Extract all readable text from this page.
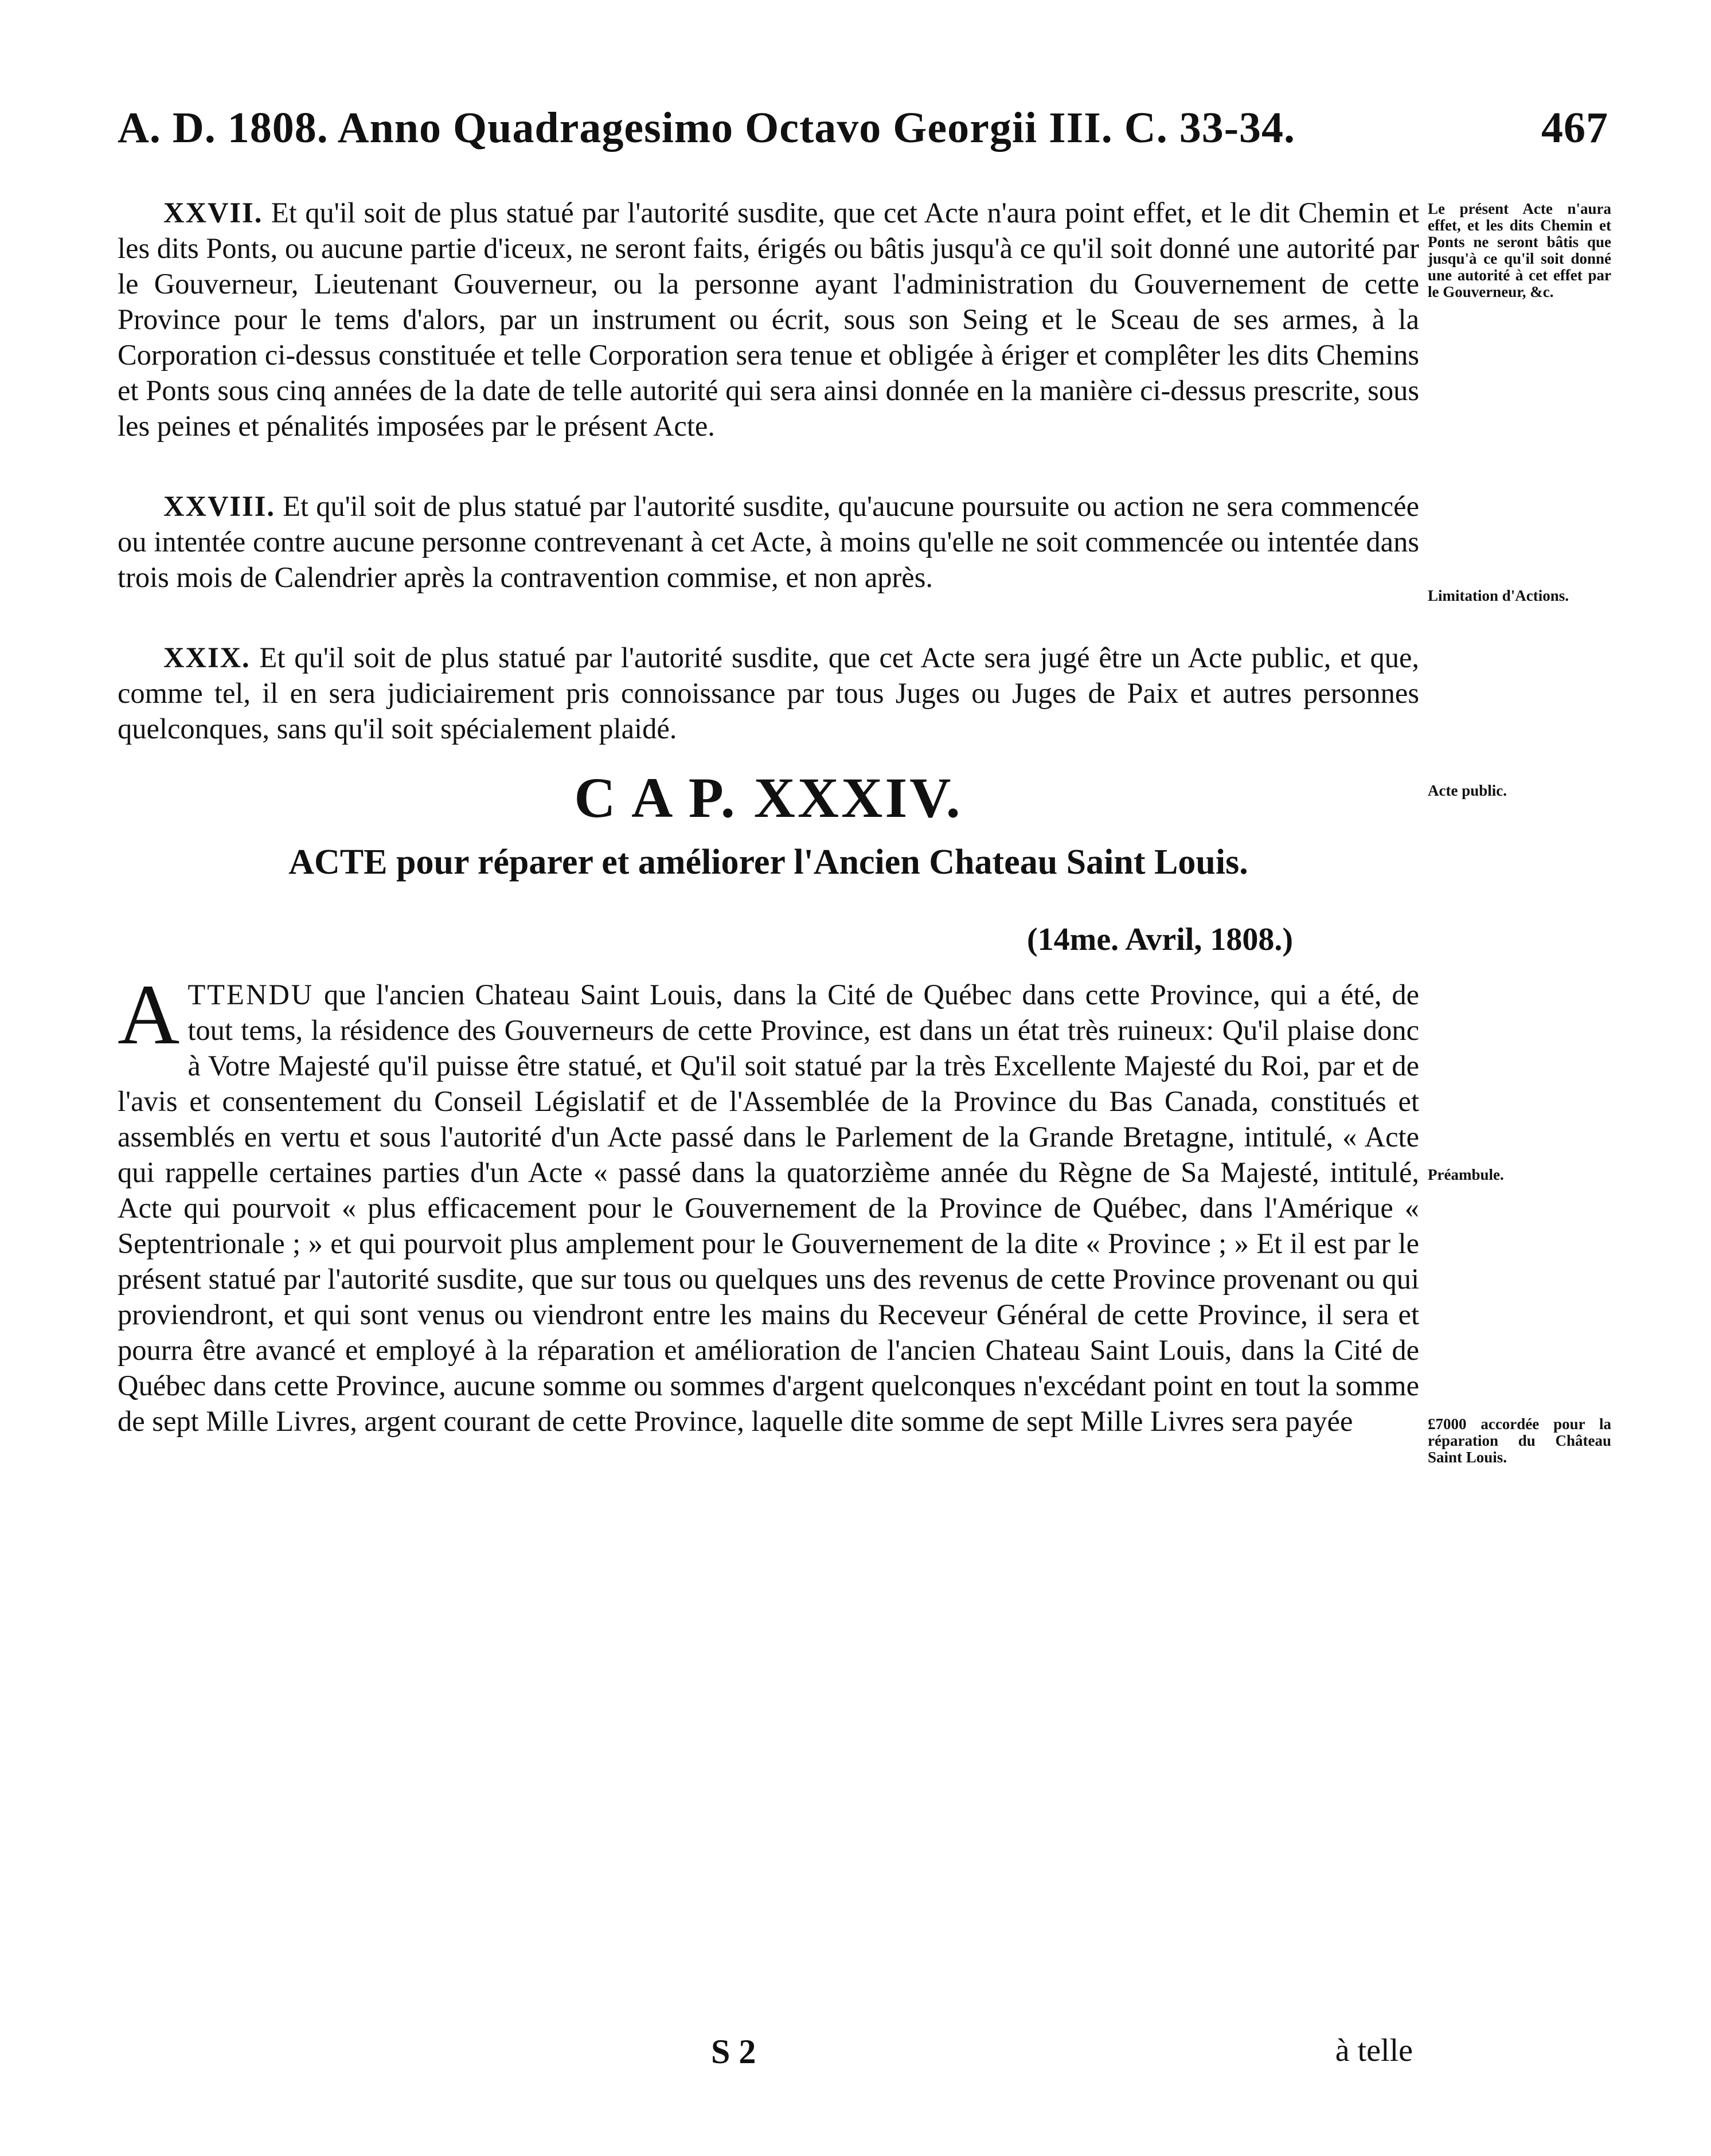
A. D. 1808. Anno Quadragesimo Octavo Georgii III. C. 33-34.	467

XXVII. Et qu'il soit de plus statué par l'autorité susdite, que cet Acte n'aura point effet, et le dit Chemin et les dits Ponts, ou aucune partie d'iceux, ne seront faits, érigés ou bâtis jusqu'à ce qu'il soit donné une autorité par le Gouverneur, Lieutenant Gouverneur, ou la personne ayant l'administration du Gouvernement de cette Province pour le tems d'alors, par un instrument ou écrit, sous son Seing et le Sceau de ses armes, à la Corporation ci-dessus constituée et telle Corporation sera tenue et obligée à ériger et complêter les dits Chemins et Ponts sous cinq années de la date de telle autorité qui sera ainsi donnée en la manière ci-dessus prescrite, sous les peines et pénalités imposées par le présent Acte.

XXVIII. Et qu'il soit de plus statué par l'autorité susdite, qu'aucune poursuite ou action ne sera commencée ou intentée contre aucune personne contrevenant à cet Acte, à moins qu'elle ne soit commencée ou intentée dans trois mois de Calendrier après la contravention commise, et non après.

XXIX. Et qu'il soit de plus statué par l'autorité susdite, que cet Acte sera jugé être un Acte public, et que, comme tel, il en sera judiciairement pris connoissance par tous Juges ou Juges de Paix et autres personnes quelconques, sans qu'il soit spécialement plaidé.

C A P. XXXIV.
ACTE pour réparer et améliorer l'Ancien Chateau Saint Louis.
(14me. Avril, 1808.)

A TTENDU que l'ancien Chateau Saint Louis, dans la Cité de Québec dans cette Province, qui a été, de tout tems, la résidence des Gouverneurs de cette Province, est dans un état très ruineux: Qu'il plaise donc à Votre Majesté qu'il puisse être statué, et Qu'il soit statué par la très Excellente Majesté du Roi, par et de l'avis et consentement du Conseil Législatif et de l'Assemblée de la Province du Bas Canada, constitués et assemblés en vertu et sous l'autorité d'un Acte passé dans le Parlement de la Grande Bretagne, intitulé, « Acte qui rappelle certaines parties d'un Acte « passé dans la quatorzième année du Règne de Sa Majesté, intitulé, Acte qui pourvoit « plus efficacement pour le Gouvernement de la Province de Québec, dans l'Amérique « Septentrionale ; » et qui pourvoit plus amplement pour le Gouvernement de la dite « Province ; » Et il est par le présent statué par l'autorité susdite, que sur tous ou quelques uns des revenus de cette Province provenant ou qui proviendront, et qui sont venus ou viendront entre les mains du Receveur Général de cette Province, il sera et pourra être avancé et employé à la réparation et amélioration de l'ancien Chateau Saint Louis, dans la Cité de Québec dans cette Province, aucune somme ou sommes d'argent quelconques n'excédant point en tout la somme de sept Mille Livres, argent courant de cette Province, laquelle dite somme de sept Mille Livres sera payée

Le présent Acte n'aura effet, et les dits Chemin et Ponts ne seront bâtis que jusqu'à ce qu'il soit donné une autorité à cet effet par le Gouverneur, &c.
Limitation d'Actions.
Acte public.
Préambule.
£7000 accordée pour la réparation du Château Saint Louis.
S 2	à telle
